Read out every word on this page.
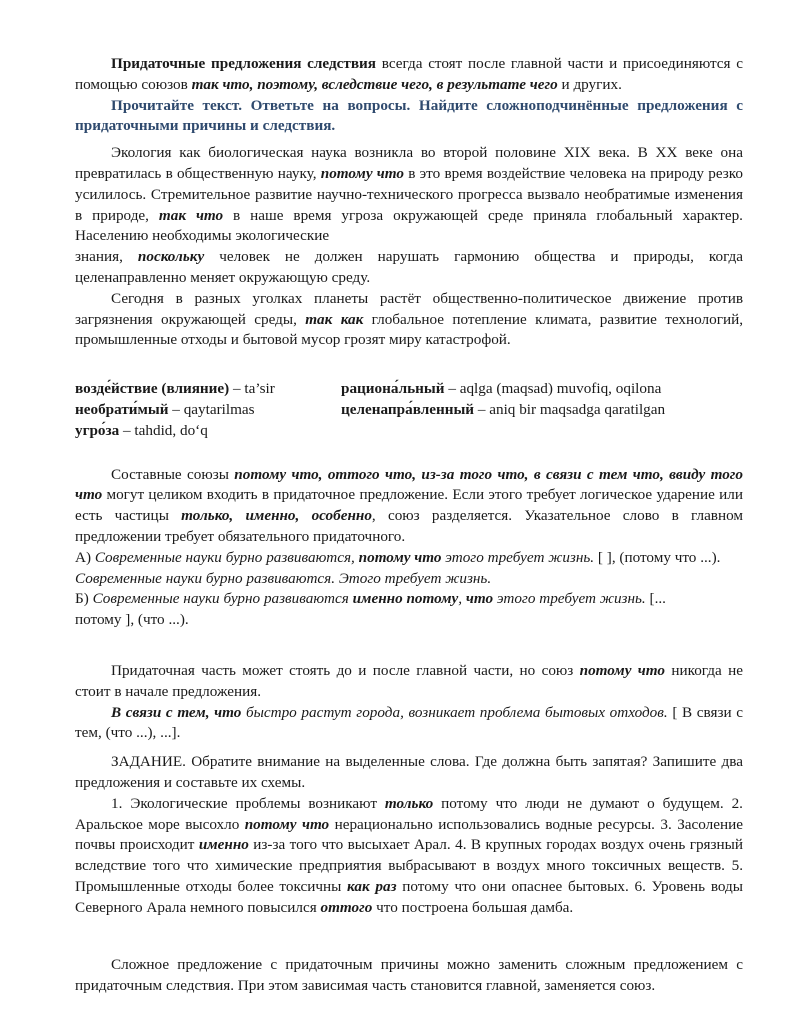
Придаточные предложения следствия всегда стоят после главной части и присоединяются с помощью союзов так что, поэтому, вследствие чего, в результате чего и других.

Прочитайте текст. Ответьте на вопросы. Найдите сложноподчинённые предложения с придаточными причины и следствия.

Экология как биологическая наука возникла во второй половине XIX века. В XX веке она превратилась в общественную науку, потому что в это время воздействие человека на природу резко усилилось. Стремительное развитие научно-технического прогресса вызвало необратимые изменения в природе, так что в наше время угроза окружающей среде приняла глобальный характер. Населению необходимы экологические

знания, поскольку человек не должен нарушать гармонию общества и природы, когда целенаправленно меняет окружающую среду.

Сегодня в разных уголках планеты растёт общественно-политическое движение против загрязнения окружающей среды, так как глобальное потепление климата, развитие технологий, промышленные отходы и бытовой мусор грозят миру катастрофой.

возде́йствие (влияние) – ta’sir
необрати́мый – qaytarilmas
угро́за – tahdid, do‘q
рациона́льный – aqlga (maqsad) muvofiq, oqilona
целенапра́вленный – aniq bir maqsadga qaratilgan

Составные союзы потому что, оттого что, из-за того что, в связи с тем что, ввиду того что могут целиком входить в придаточное предложение. Если этого требует логическое ударение или есть частицы только, именно, особенно, союз разделяется. Указательное слово в главном предложении требует обязательного придаточного.

А) Современные науки бурно развиваются, потому что этого требует жизнь. [ ], (потому что ...).

Современные науки бурно развиваются. Этого требует жизнь.

Б) Современные науки бурно развиваются именно потому, что этого требует жизнь. [...

потому ], (что ...).

Придаточная часть может стоять до и после главной части, но союз потому что никогда не стоит в начале предложения.

В связи с тем, что быстро растут города, возникает проблема бытовых отходов. [ В связи с тем, (что ...), ...].

ЗАДАНИЕ. Обратите внимание на выделенные слова. Где должна быть запятая? Запишите два предложения и составьте их схемы.

1. Экологические проблемы возникают только потому что люди не думают о будущем. 2. Аральское море высохло потому что нерационально использовались водные ресурсы. 3. Засоление почвы происходит именно из-за того что высыхает Арал. 4. В крупных городах воздух очень грязный вследствие того что химические предприятия выбрасывают в воздух много токсичных веществ. 5. Промышленные отходы более токсичны как раз потому что они опаснее бытовых. 6. Уровень воды Северного Арала немного повысился оттого что построена большая дамба.

Сложное предложение с придаточным причины можно заменить сложным предложением с придаточным следствия. При этом зависимая часть становится главной, заменяется союз.
